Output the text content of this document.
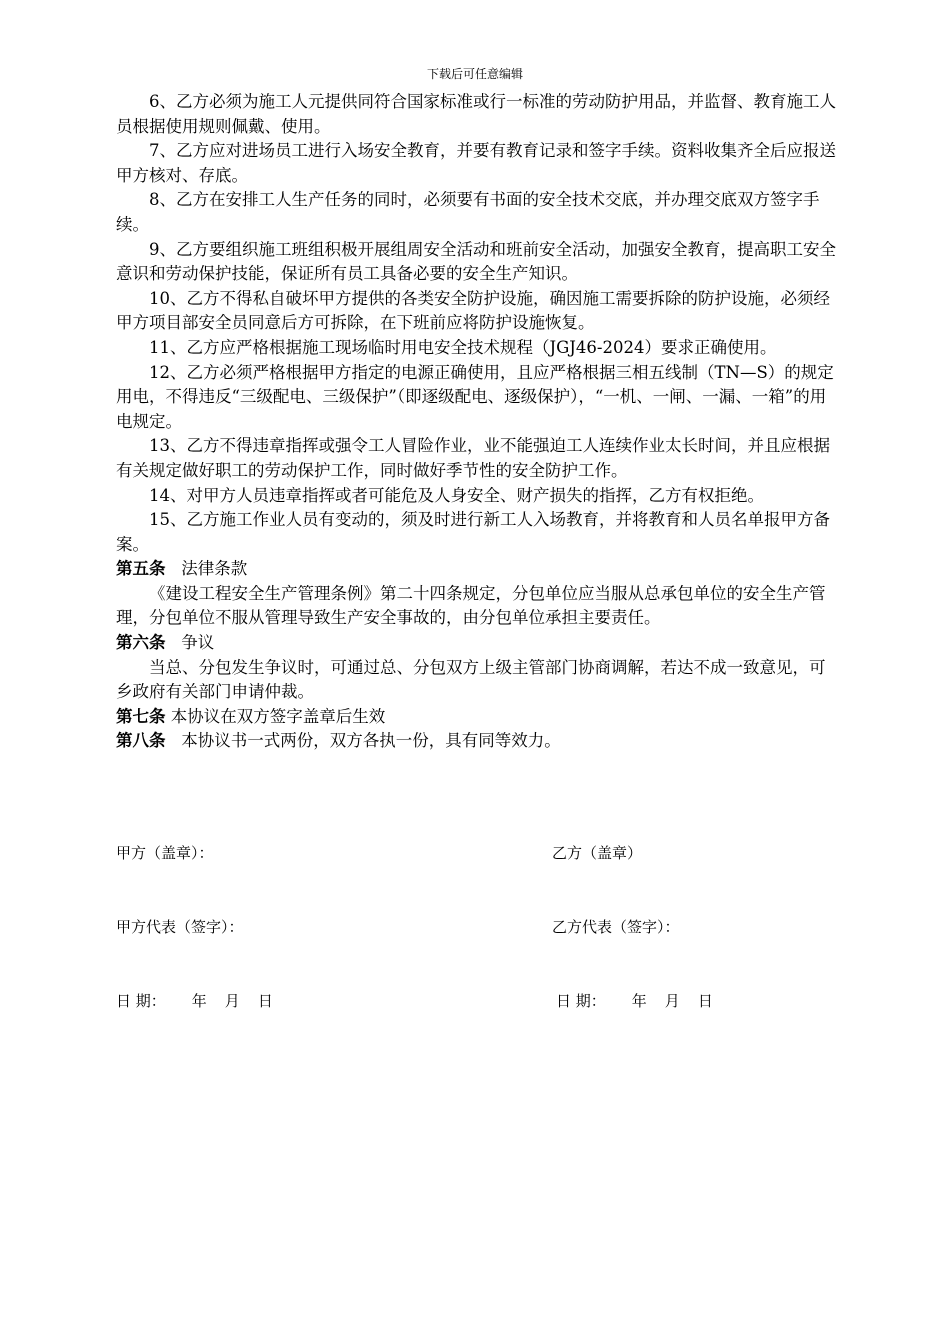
下载后可任意编辑

6、乙方必须为施工人元提供同符合国家标准或行一标准的劳动防护用品，并监督、教育施工人员根据使用规则佩戴、使用。

7、乙方应对进场员工进行入场安全教育，并要有教育记录和签字手续。资料收集齐全后应报送甲方核对、存底。

8、乙方在安排工人生产任务的同时，必须要有书面的安全技术交底，并办理交底双方签字手续。

9、乙方要组织施工班组积极开展组周安全活动和班前安全活动，加强安全教育，提高职工安全意识和劳动保护技能，保证所有员工具备必要的安全生产知识。

10、乙方不得私自破坏甲方提供的各类安全防护设施，确因施工需要拆除的防护设施，必须经甲方项目部安全员同意后方可拆除，在下班前应将防护设施恢复。

11、乙方应严格根据施工现场临时用电安全技术规程（JGJ46-2024）要求正确使用。

12、乙方必须严格根据甲方指定的电源正确使用，且应严格根据三相五线制（TN—S）的规定用电，不得违反“三级配电、三级保护”（即逐级配电、逐级保护），“一机、一闸、一漏、一箱”的用电规定。

13、乙方不得违章指挥或强令工人冒险作业，业不能强迫工人连续作业太长时间，并且应根据有关规定做好职工的劳动保护工作，同时做好季节性的安全防护工作。

14、对甲方人员违章指挥或者可能危及人身安全、财产损失的指挥，乙方有权拒绝。

15、乙方施工作业人员有变动的，须及时进行新工人入场教育，并将教育和人员名单报甲方备案。

第五条 法律条款

《建设工程安全生产管理条例》第二十四条规定，分包单位应当服从总承包单位的安全生产管理，分包单位不服从管理导致生产安全事故的，由分包单位承担主要责任。

第六条 争议

当总、分包发生争议时，可通过总、分包双方上级主管部门协商调解，若达不成一致意见，可乡政府有关部门申请仲裁。

第七条 本协议在双方签字盖章后生效

第八条 本协议书一式两份，双方各执一份，具有同等效力。

甲方（盖章）：	乙方（盖章）
甲方代表（签字）：	乙方代表（签字）：
日 期： 年 月 日	日 期： 年 月 日
